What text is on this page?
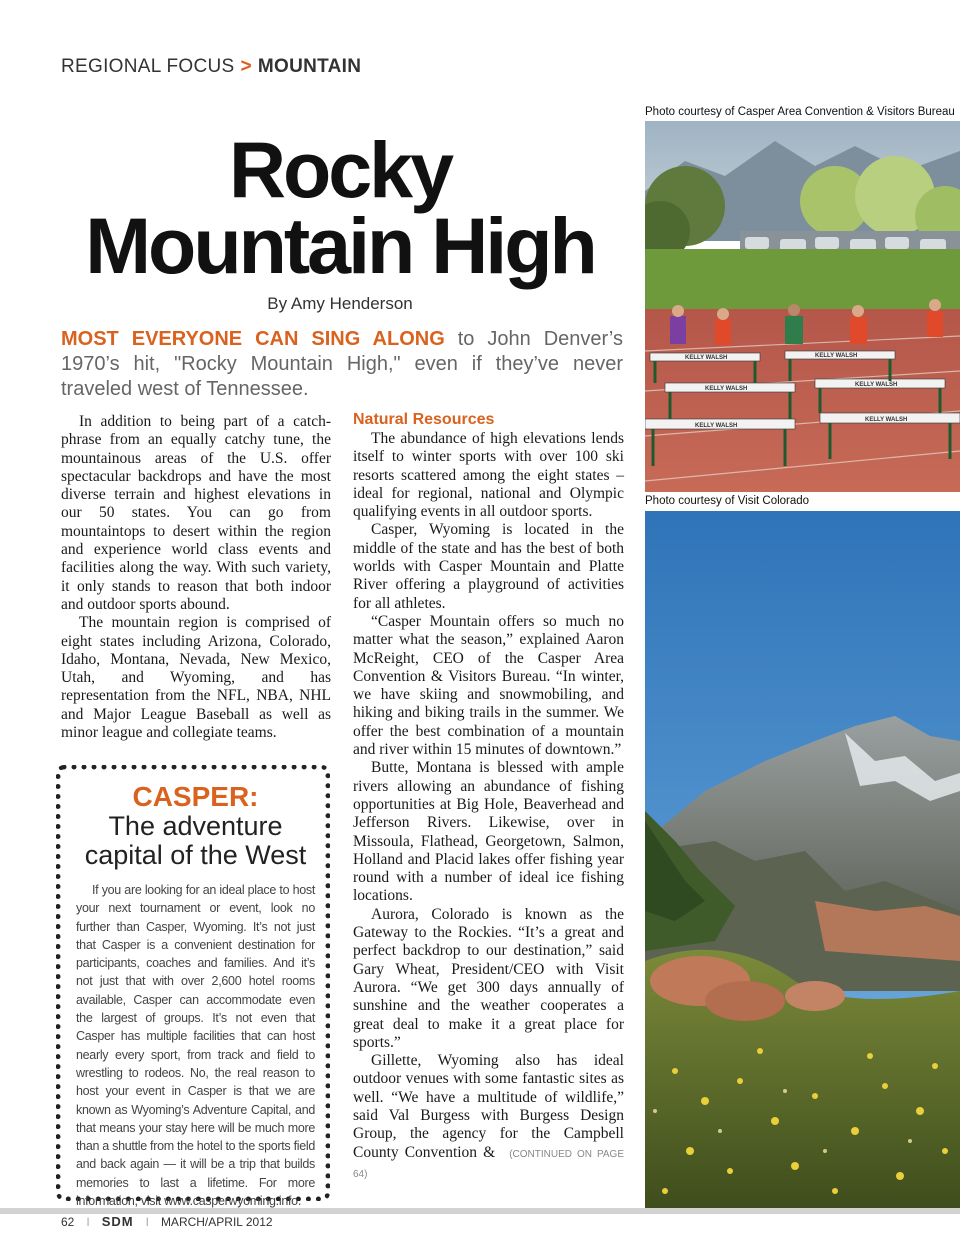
REGIONAL FOCUS > MOUNTAIN
Rocky
Mountain High
By Amy Henderson
MOST EVERYONE CAN SING ALONG to John Denver’s 1970’s hit, "Rocky Mountain High," even if they’ve never traveled west of Tennessee.

In addition to being part of a catch-phrase from an equally catchy tune, the mountainous areas of the U.S. offer spectacular backdrops and have the most diverse terrain and highest elevations in our 50 states. You can go from mountaintops to desert within the region and experience world class events and facilities along the way. With such variety, it only stands to reason that both indoor and outdoor sports abound.

The mountain region is comprised of eight states including Arizona, Colorado, Idaho, Montana, Nevada, New Mexico, Utah, and Wyoming, and has representation from the NFL, NBA, NHL and Major League Baseball as well as minor league and collegiate teams.

Natural Resources

The abundance of high elevations lends itself to winter sports with over 100 ski resorts scattered among the eight states – ideal for regional, national and Olympic qualifying events in all outdoor sports.

Casper, Wyoming is located in the middle of the state and has the best of both worlds with Casper Mountain and Platte River offering a playground of activities for all athletes.

“Casper Mountain offers so much no matter what the season,” explained Aaron McReight, CEO of the Casper Area Convention & Visitors Bureau. “In winter, we have skiing and snowmobiling, and hiking and biking trails in the summer. We offer the best combination of a mountain and river within 15 minutes of downtown.”

Butte, Montana is blessed with ample rivers allowing an abundance of fishing opportunities at Big Hole, Beaverhead and Jefferson Rivers. Likewise, over in Missoula, Flathead, Georgetown, Salmon, Holland and Placid lakes offer fishing year round with a number of ideal ice fishing locations.

Aurora, Colorado is known as the Gateway to the Rockies. “It’s a great and perfect backdrop to our destination,” said Gary Wheat, President/CEO with Visit Aurora. “We get 300 days annually of sunshine and the weather cooperates a great deal to make it a great place for sports.”

Gillette, Wyoming also has ideal outdoor venues with some fantastic sites as well. “We have a multitude of wildlife,” said Val Burgess with Burgess Design Group, the agency for the Campbell County Convention & (CONTINUED ON PAGE 64)

CASPER:
The adventure capital of the West

If you are looking for an ideal place to host your next tournament or event, look no further than Casper, Wyoming. It’s not just that Casper is a convenient destination for participants, coaches and families. And it’s not just that with over 2,600 hotel rooms available, Casper can accommodate even the largest of groups. It’s not even that Casper has multiple facilities that can host nearly every sport, from track and field to wrestling to rodeos. No, the real reason to host your event in Casper is that we are known as Wyoming’s Adventure Capital, and that means your stay here will be much more than a shuttle from the hotel to the sports field and back again — it will be a trip that builds memories to last a lifetime. For more information, visit www.casperwyoming.info.

Photo courtesy of Casper Area Convention & Visitors Bureau
KELLY WALSH	KELLY WALSH
KELLY WALSH
KELLY WALSH
KELLY WALSH
KELLY WALSH
Photo courtesy of Visit Colorado
62 I SDM I MARCH/APRIL 2012
